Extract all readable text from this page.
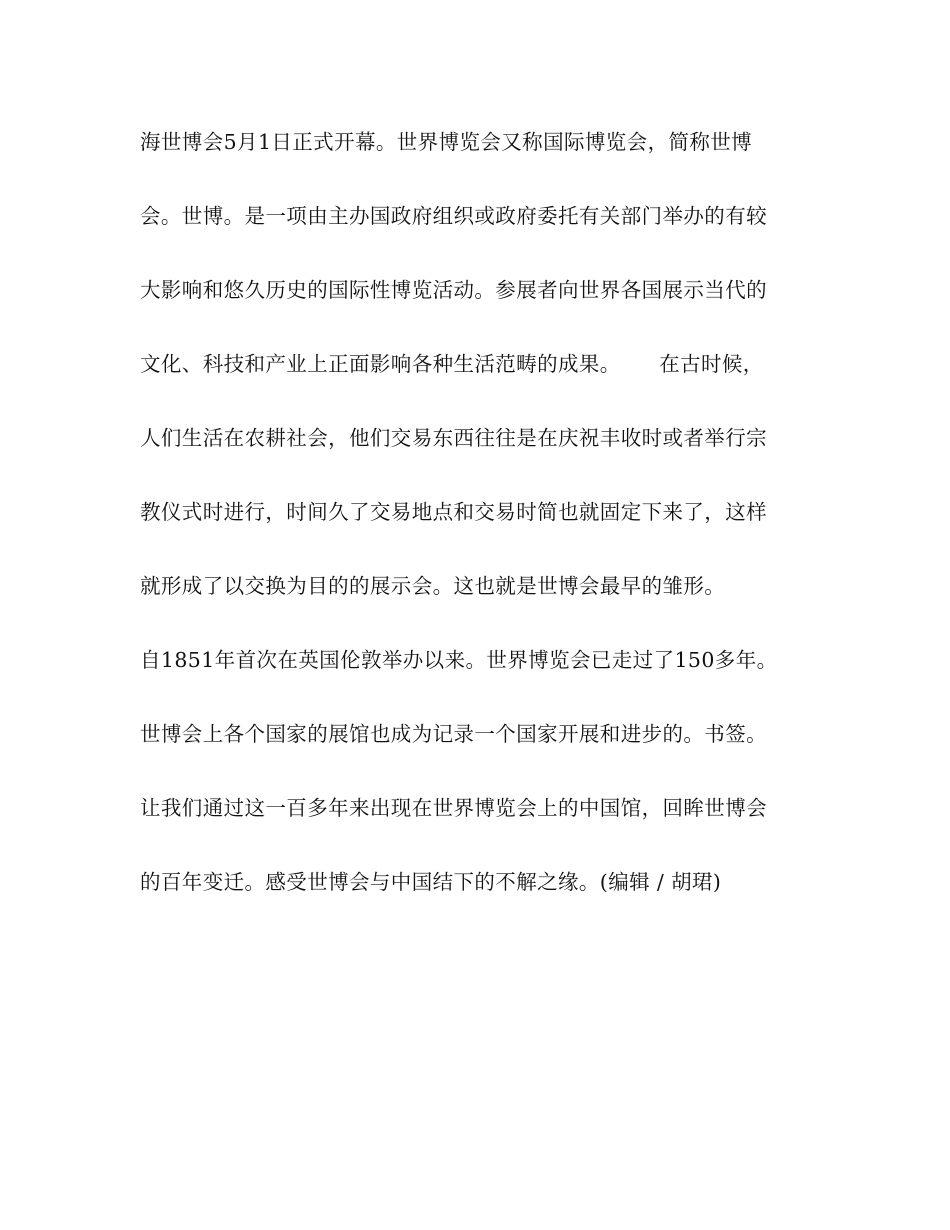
海世博会5月1日正式开幕。世界博览会又称国际博览会，简称世博
会。世博。是一项由主办国政府组织或政府委托有关部门举办的有较
大影响和悠久历史的国际性博览活动。参展者向世界各国展示当代的
文化、科技和产业上正面影响各种生活范畴的成果。　　 在古时候，
人们生活在农耕社会，他们交易东西往往是在庆祝丰收时或者举行宗
教仪式时进行，时间久了交易地点和交易时简也就固定下来了，这样
就形成了以交换为目的的展示会。这也就是世博会最早的雏形。
自1851年首次在英国伦敦举办以来。世界博览会已走过了150多年。
世博会上各个国家的展馆也成为记录一个国家开展和进步的。书签。
让我们通过这一百多年来出现在世界博览会上的中国馆，回眸世博会
的百年变迁。感受世博会与中国结下的不解之缘。(编辑 / 胡珺)
